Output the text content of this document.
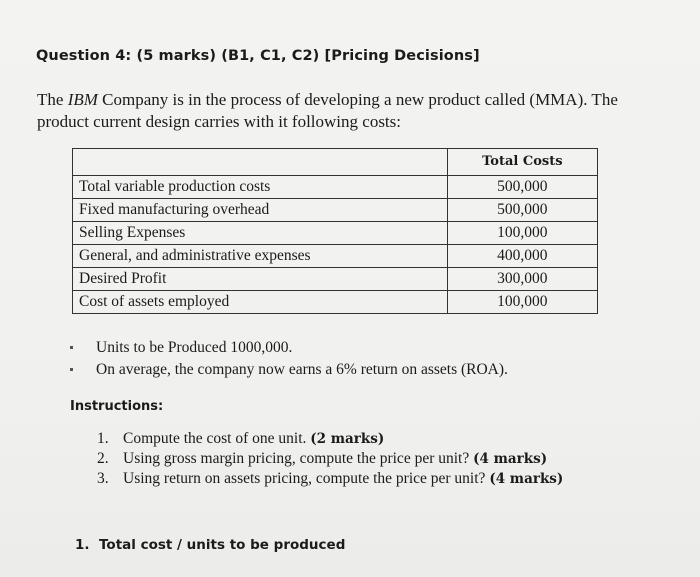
Question 4: (5 marks) (B1, C1, C2) [Pricing Decisions]
The IBM Company is in the process of developing a new product called (MMA). The
product current design carries with it following costs:
	Total Costs
Total variable production costs	500,000
Fixed manufacturing overhead	500,000
Selling Expenses	100,000
General, and administrative expenses	400,000
Desired Profit	300,000
Cost of assets employed	100,000
Units to be Produced 1000,000.
On average, the company now earns a 6% return on assets (ROA).
Instructions:
1. Compute the cost of one unit. (2 marks)
2. Using gross margin pricing, compute the price per unit? (4 marks)
3. Using return on assets pricing, compute the price per unit? (4 marks)
1. Total cost / units to be produced
